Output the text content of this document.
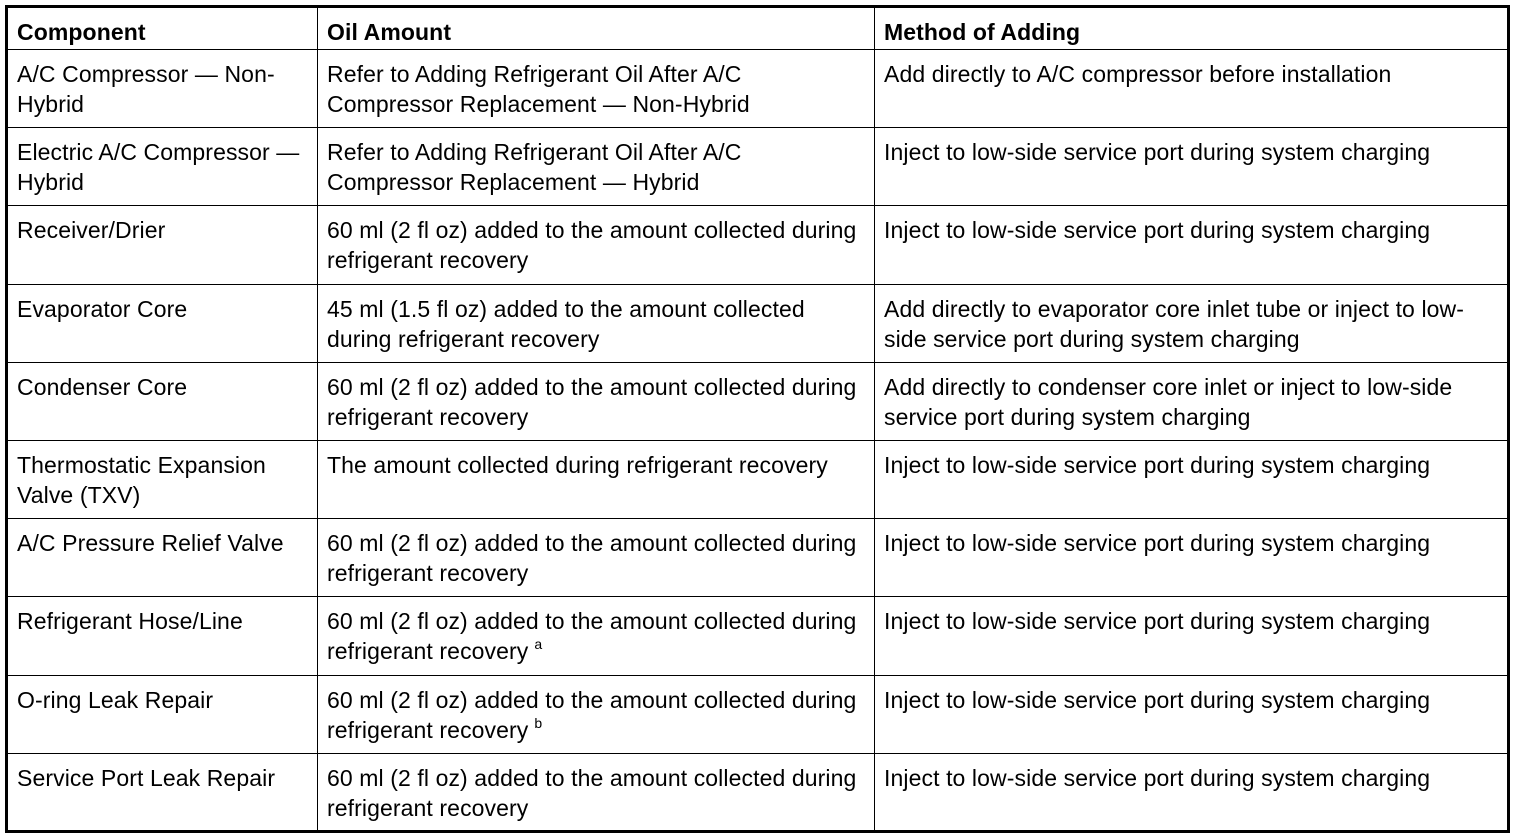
Component	Oil Amount	Method of Adding
A/C Compressor — Non-Hybrid	Refer to Adding Refrigerant Oil After A/C Compressor Replacement — Non-Hybrid	Add directly to A/C compressor before installation
Electric A/C Compressor — Hybrid	Refer to Adding Refrigerant Oil After A/C Compressor Replacement — Hybrid	Inject to low-side service port during system charging
Receiver/Drier	60 ml (2 fl oz) added to the amount collected during refrigerant recovery	Inject to low-side service port during system charging
Evaporator Core	45 ml (1.5 fl oz) added to the amount collected during refrigerant recovery	Add directly to evaporator core inlet tube or inject to low-side service port during system charging
Condenser Core	60 ml (2 fl oz) added to the amount collected during refrigerant recovery	Add directly to condenser core inlet or inject to low-side service port during system charging
Thermostatic Expansion Valve (TXV)	The amount collected during refrigerant recovery	Inject to low-side service port during system charging
A/C Pressure Relief Valve	60 ml (2 fl oz) added to the amount collected during refrigerant recovery	Inject to low-side service port during system charging
Refrigerant Hose/Line	60 ml (2 fl oz) added to the amount collected during refrigerant recovery $^a$	Inject to low-side service port during system charging
O-ring Leak Repair	60 ml (2 fl oz) added to the amount collected during refrigerant recovery $^b$	Inject to low-side service port during system charging
Service Port Leak Repair	60 ml (2 fl oz) added to the amount collected during refrigerant recovery	Inject to low-side service port during system charging
